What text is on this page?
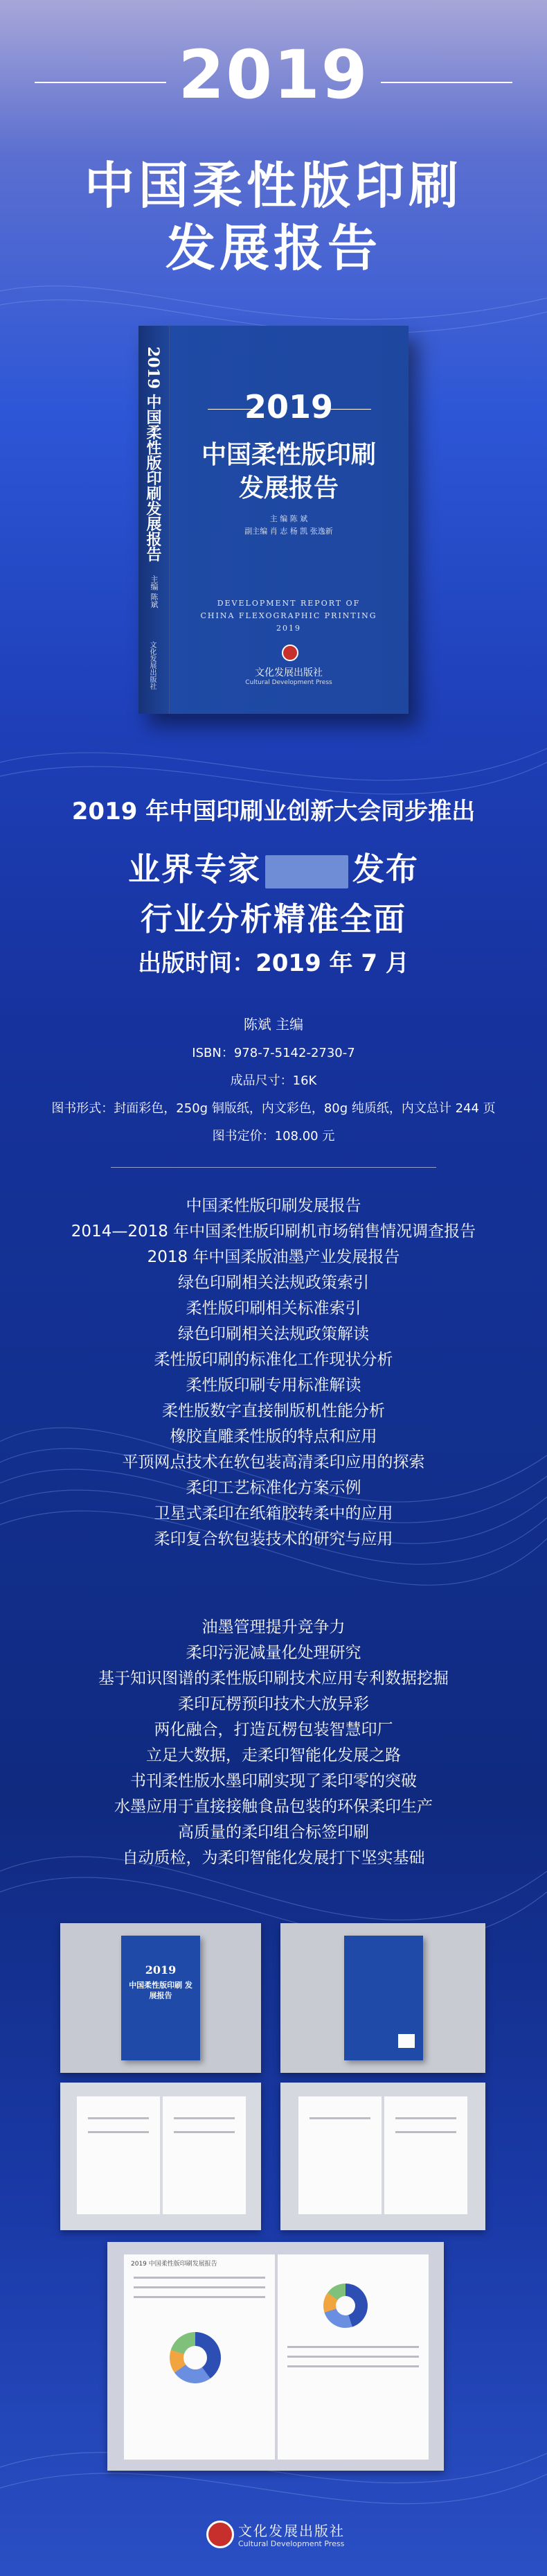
2019
中国柔性版印刷
发展报告
2019 中国柔性版印刷发展报告
主编 陈斌
文化发展出版社
2019
中国柔性版印刷
发展报告
主 编 陈 斌
副主编 肖 志 杨 凯 张逸新
DEVELOPMENT REPORT OF
CHINA FLEXOGRAPHIC PRINTING
2019
文化发展出版社
Cultural Development Press
2019 年中国印刷业创新大会同步推出
业界专家	发布
行业分析精准全面
出版时间：2019 年 7 月
陈斌 主编
ISBN：978-7-5142-2730-7
成品尺寸：16K
图书形式：封面彩色，250g 铜版纸，内文彩色，80g 纯质纸，内文总计 244 页
图书定价：108.00 元
中国柔性版印刷发展报告
2014—2018 年中国柔性版印刷机市场销售情况调查报告
2018 年中国柔版油墨产业发展报告
绿色印刷相关法规政策索引
柔性版印刷相关标准索引
绿色印刷相关法规政策解读
柔性版印刷的标准化工作现状分析
柔性版印刷专用标准解读
柔性版数字直接制版机性能分析
橡胶直雕柔性版的特点和应用
平顶网点技术在软包装高清柔印应用的探索
柔印工艺标准化方案示例
卫星式柔印在纸箱胶转柔中的应用
柔印复合软包装技术的研究与应用
油墨管理提升竞争力
柔印污泥减量化处理研究
基于知识图谱的柔性版印刷技术应用专利数据挖掘
柔印瓦楞预印技术大放异彩
两化融合，打造瓦楞包装智慧印厂
立足大数据，走柔印智能化发展之路
书刊柔性版水墨印刷实现了柔印零的突破
水墨应用于直接接触食品包装的环保柔印生产
高质量的柔印组合标签印刷
自动质检，为柔印智能化发展打下坚实基础
2019
中国柔性版印刷 发展报告
2019 中国柔性版印刷发展报告
文化发展出版社
Cultural Development Press
